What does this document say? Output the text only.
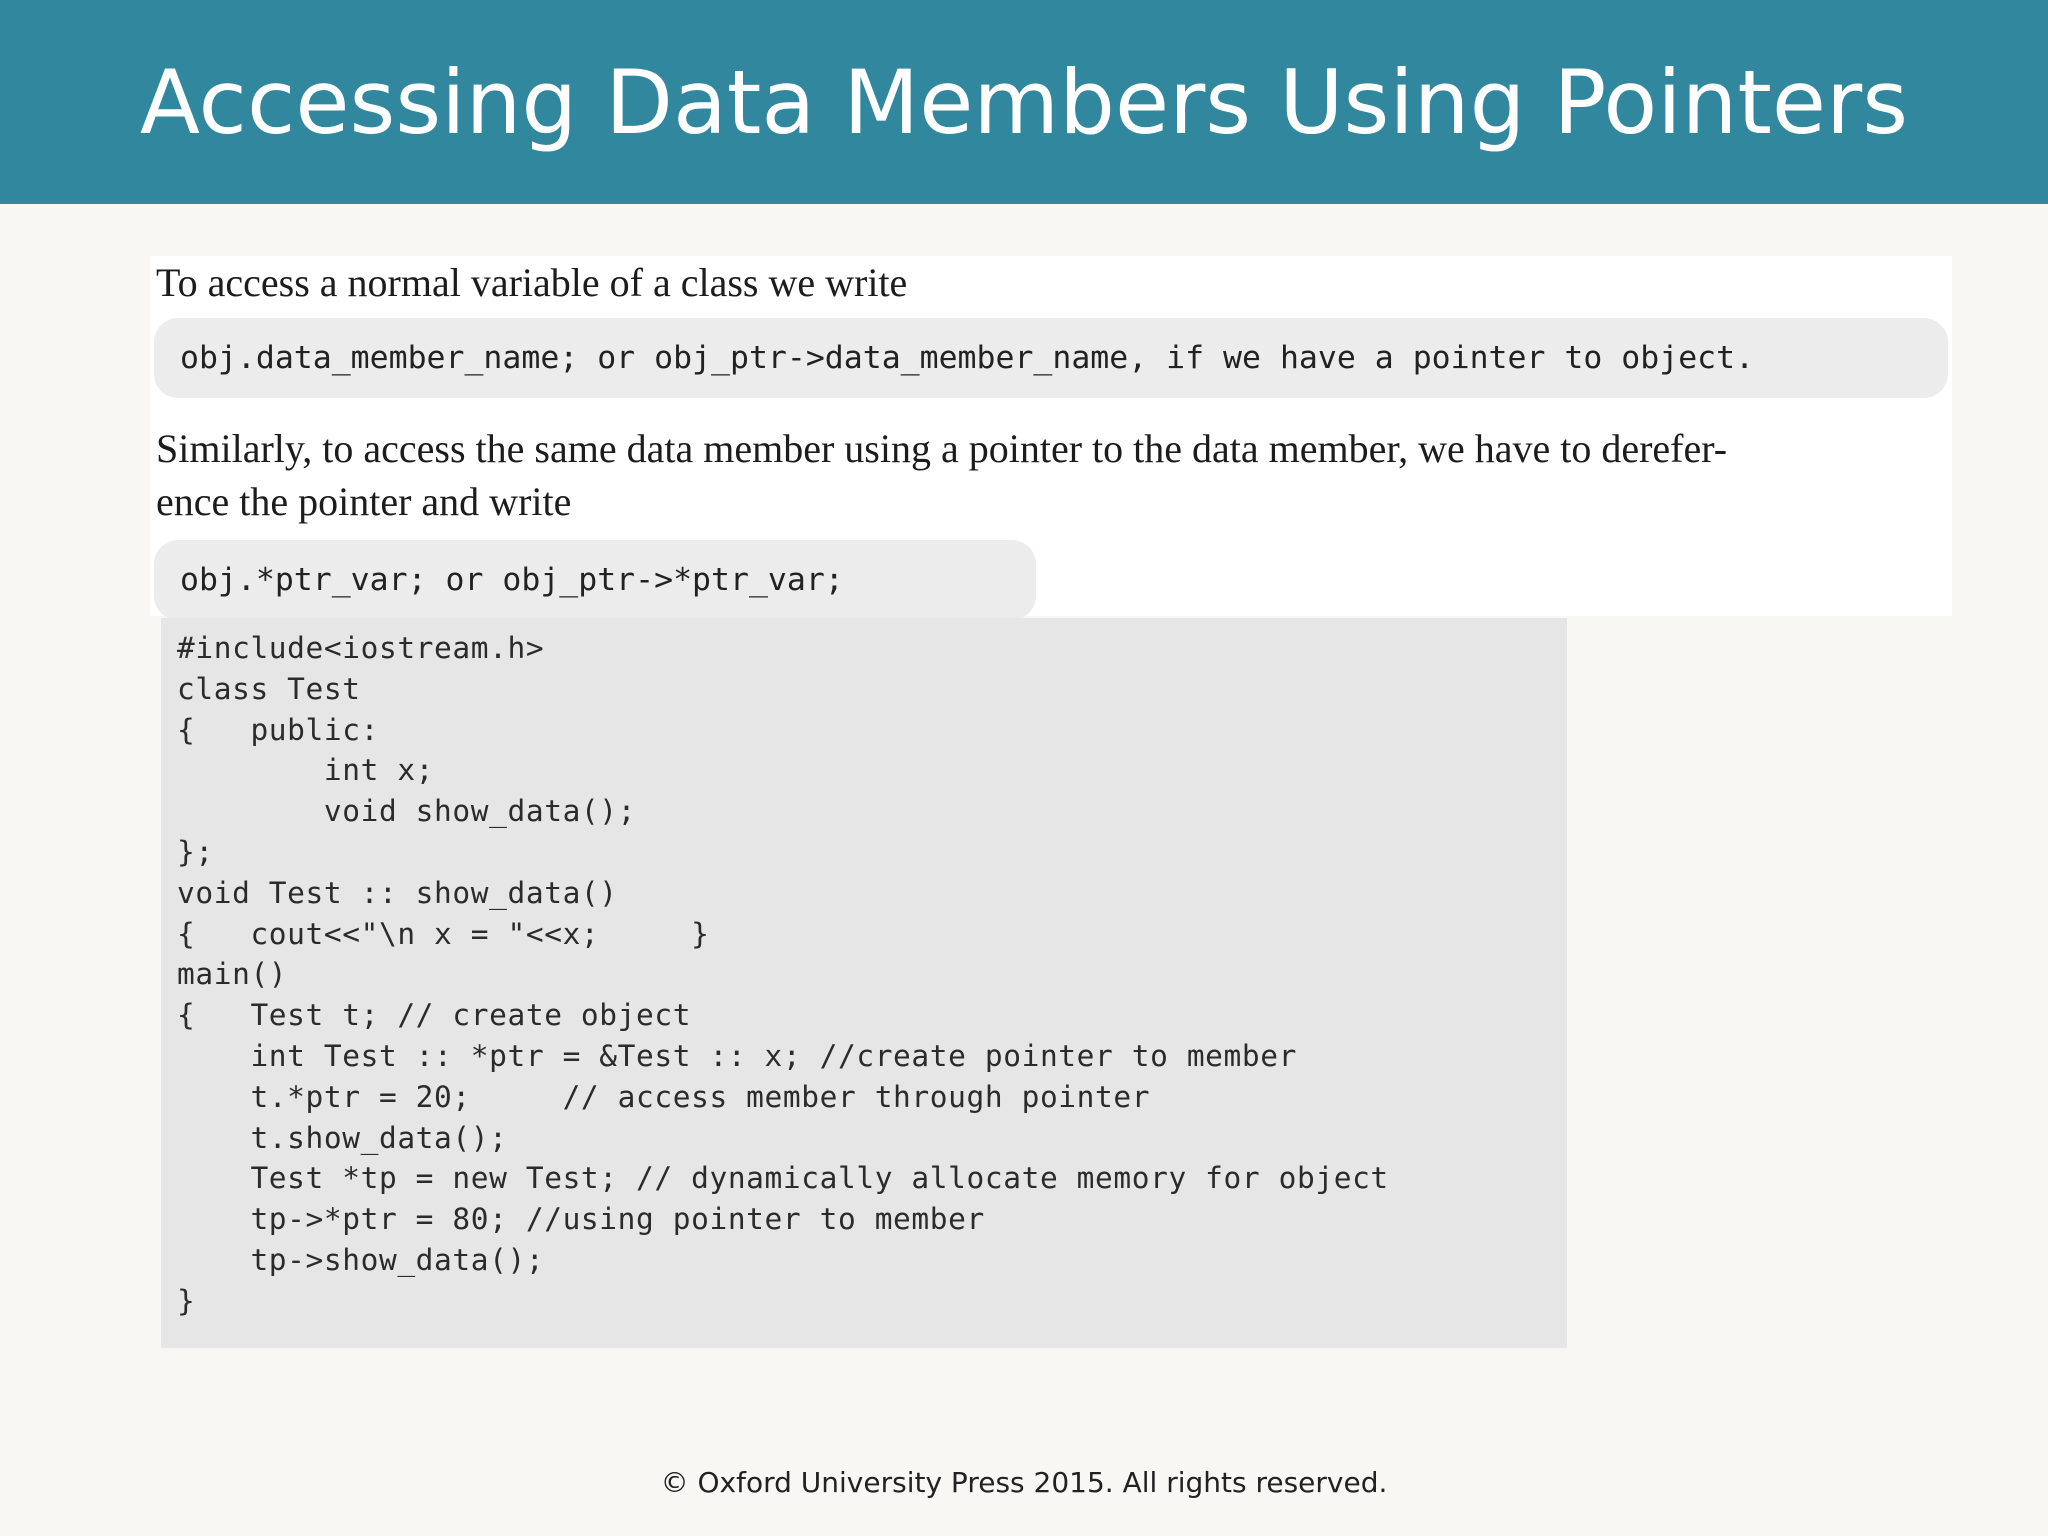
Accessing Data Members Using Pointers

To access a normal variable of a class we write

obj.data_member_name; or obj_ptr->data_member_name, if we have a pointer to object.

Similarly, to access the same data member using a pointer to the data member, we have to derefer-
ence the pointer and write

obj.*ptr_var; or obj_ptr->*ptr_var;
#include<iostream.h>
class Test
{   public:
int x;
void show_data();
};
void Test :: show_data()
{   cout<<"\n x = "<<x;     }
main()
{   Test t; // create object
int Test :: *ptr = &Test :: x; //create pointer to member
t.*ptr = 20;     // access member through pointer
t.show_data();
Test *tp = new Test; // dynamically allocate memory for object
tp->*ptr = 80; //using pointer to member
tp->show_data();
}
© Oxford University Press 2015. All rights reserved.
